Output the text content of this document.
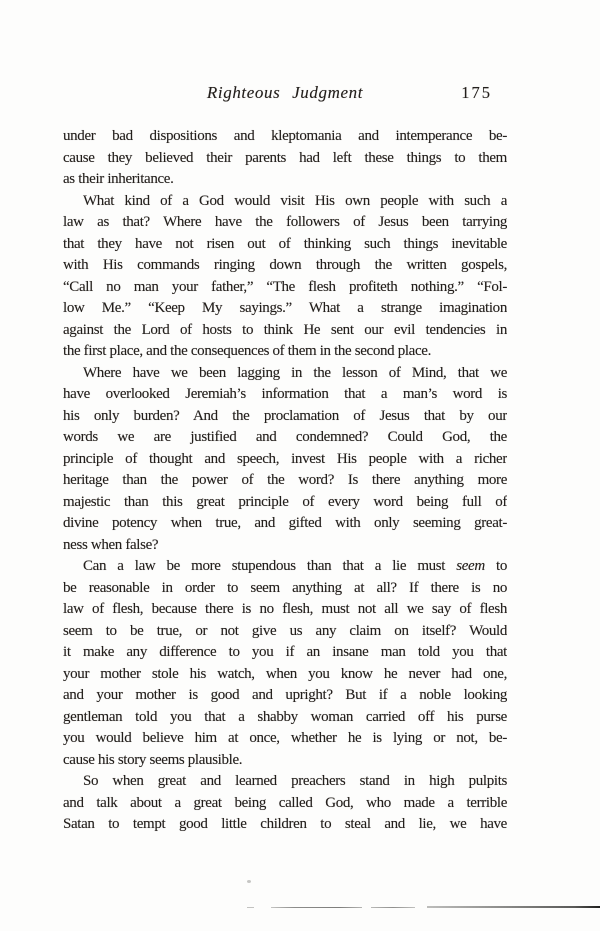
Righteous Judgment	175
under bad dispositions and kleptomania and intemperance be-
cause they believed their parents had left these things to them
as their inheritance.
What kind of a God would visit His own people with such a
law as that? Where have the followers of Jesus been tarrying
that they have not risen out of thinking such things inevitable
with His commands ringing down through the written gospels,
“Call no man your father,” “The flesh profiteth nothing.” “Fol-
low Me.” “Keep My sayings.” What a strange imagination
against the Lord of hosts to think He sent our evil tendencies in
the first place, and the consequences of them in the second place.
Where have we been lagging in the lesson of Mind, that we
have overlooked Jeremiah’s information that a man’s word is
his only burden? And the proclamation of Jesus that by our
words we are justified and condemned? Could God, the
principle of thought and speech, invest His people with a richer
heritage than the power of the word? Is there anything more
majestic than this great principle of every word being full of
divine potency when true, and gifted with only seeming great-
ness when false?
Can a law be more stupendous than that a lie must seem to
be reasonable in order to seem anything at all? If there is no
law of flesh, because there is no flesh, must not all we say of flesh
seem to be true, or not give us any claim on itself? Would
it make any difference to you if an insane man told you that
your mother stole his watch, when you know he never had one,
and your mother is good and upright? But if a noble looking
gentleman told you that a shabby woman carried off his purse
you would believe him at once, whether he is lying or not, be-
cause his story seems plausible.
So when great and learned preachers stand in high pulpits
and talk about a great being called God, who made a terrible
Satan to tempt good little children to steal and lie, we have
